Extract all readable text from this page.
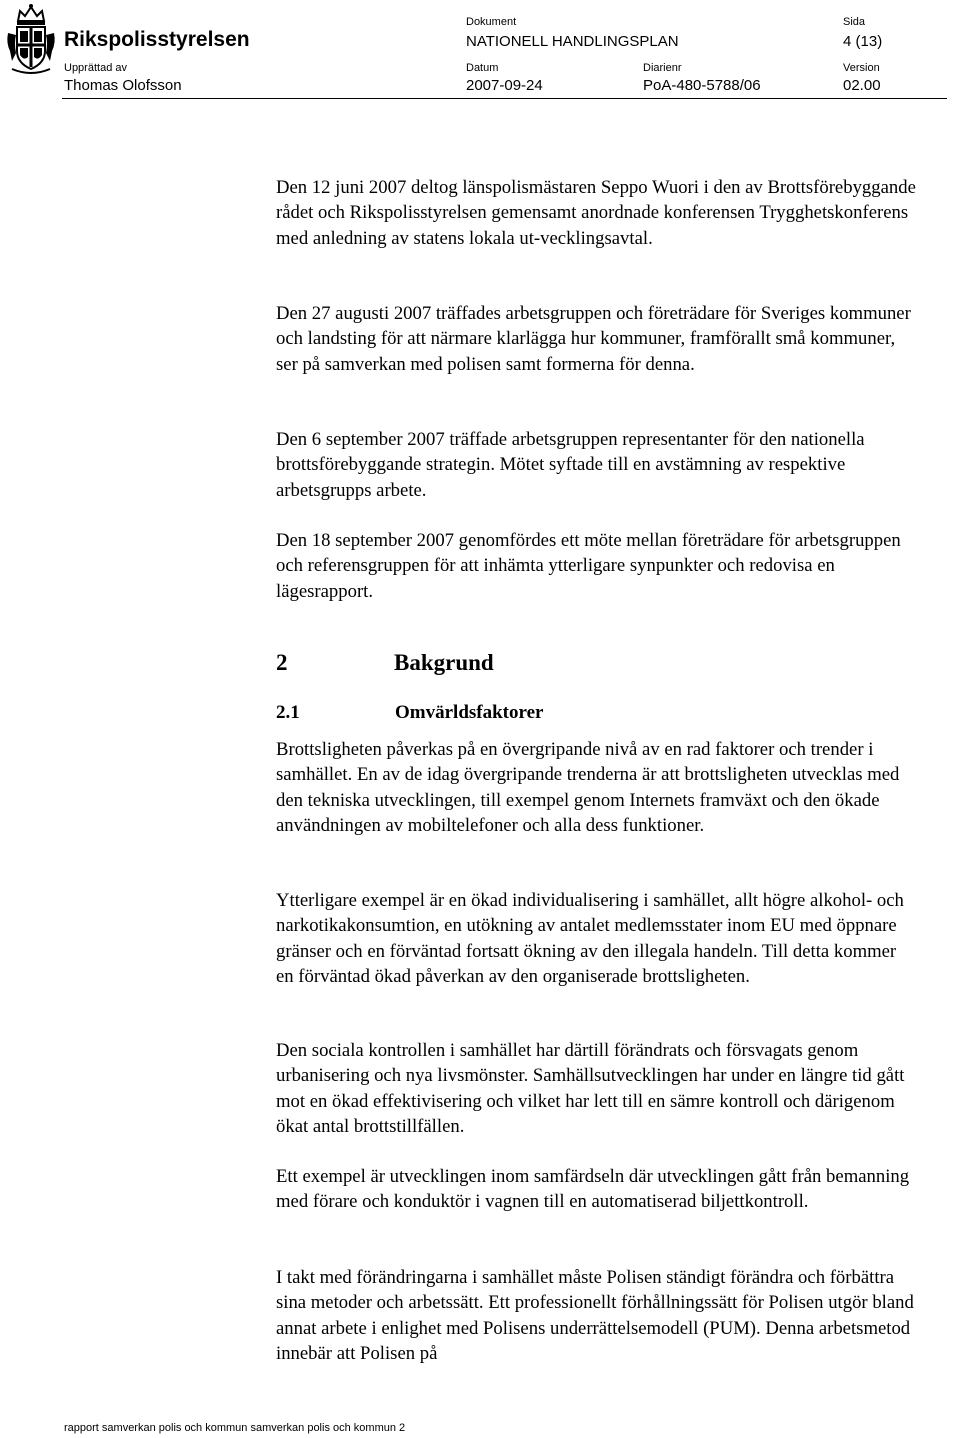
Rikspolisstyrelsen
Dokument
NATIONELL HANDLINGSPLAN
Sida
4 (13)
Upprättad av
Thomas Olofsson
Datum
2007-09-24
Diarienr
PoA-480-5788/06
Version
02.00
Den 12 juni 2007 deltog länspolismästaren Seppo Wuori i den av Brottsförebyggande rådet och Rikspolisstyrelsen gemensamt anordnade konferensen Trygghetskonferens med anledning av statens lokala ut-vecklingsavtal.
Den 27 augusti 2007 träffades arbetsgruppen och företrädare för Sveriges kommuner och landsting för att närmare klarlägga hur kommuner, framförallt små kommuner, ser på samverkan med polisen samt formerna för denna.
Den 6 september 2007 träffade arbetsgruppen representanter för den nationella brottsförebyggande strategin. Mötet syftade till en avstämning av respektive arbetsgrupps arbete.
Den 18 september 2007 genomfördes ett möte mellan företrädare för arbetsgruppen och referensgruppen för att inhämta ytterligare synpunkter och redovisa en lägesrapport.
2	Bakgrund
2.1	Omvärldsfaktorer
Brottsligheten påverkas på en övergripande nivå av en rad faktorer och trender i samhället. En av de idag övergripande trenderna är att brottsligheten utvecklas med den tekniska utvecklingen, till exempel genom Internets framväxt och den ökade användningen av mobiltelefoner och alla dess funktioner.
Ytterligare exempel är en ökad individualisering i samhället, allt högre alkohol- och narkotikakonsumtion, en utökning av antalet medlemsstater inom EU med öppnare gränser och en förväntad fortsatt ökning av den illegala handeln. Till detta kommer en förväntad ökad påverkan av den organiserade brottsligheten.
Den sociala kontrollen i samhället har därtill förändrats och försvagats genom urbanisering och nya livsmönster. Samhällsutvecklingen har under en längre tid gått mot en ökad effektivisering och vilket har lett till en sämre kontroll och därigenom ökat antal brottstillfällen.
Ett exempel är utvecklingen inom samfärdseln där utvecklingen gått från bemanning med förare och konduktör i vagnen till en automatiserad biljettkontroll.
I takt med förändringarna i samhället måste Polisen ständigt förändra och förbättra sina metoder och arbetssätt. Ett professionellt förhållningssätt för Polisen utgör bland annat arbete i enlighet med Polisens underrättelsemodell (PUM). Denna arbetsmetod innebär att Polisen på
rapport samverkan polis och kommun samverkan polis och kommun 2
